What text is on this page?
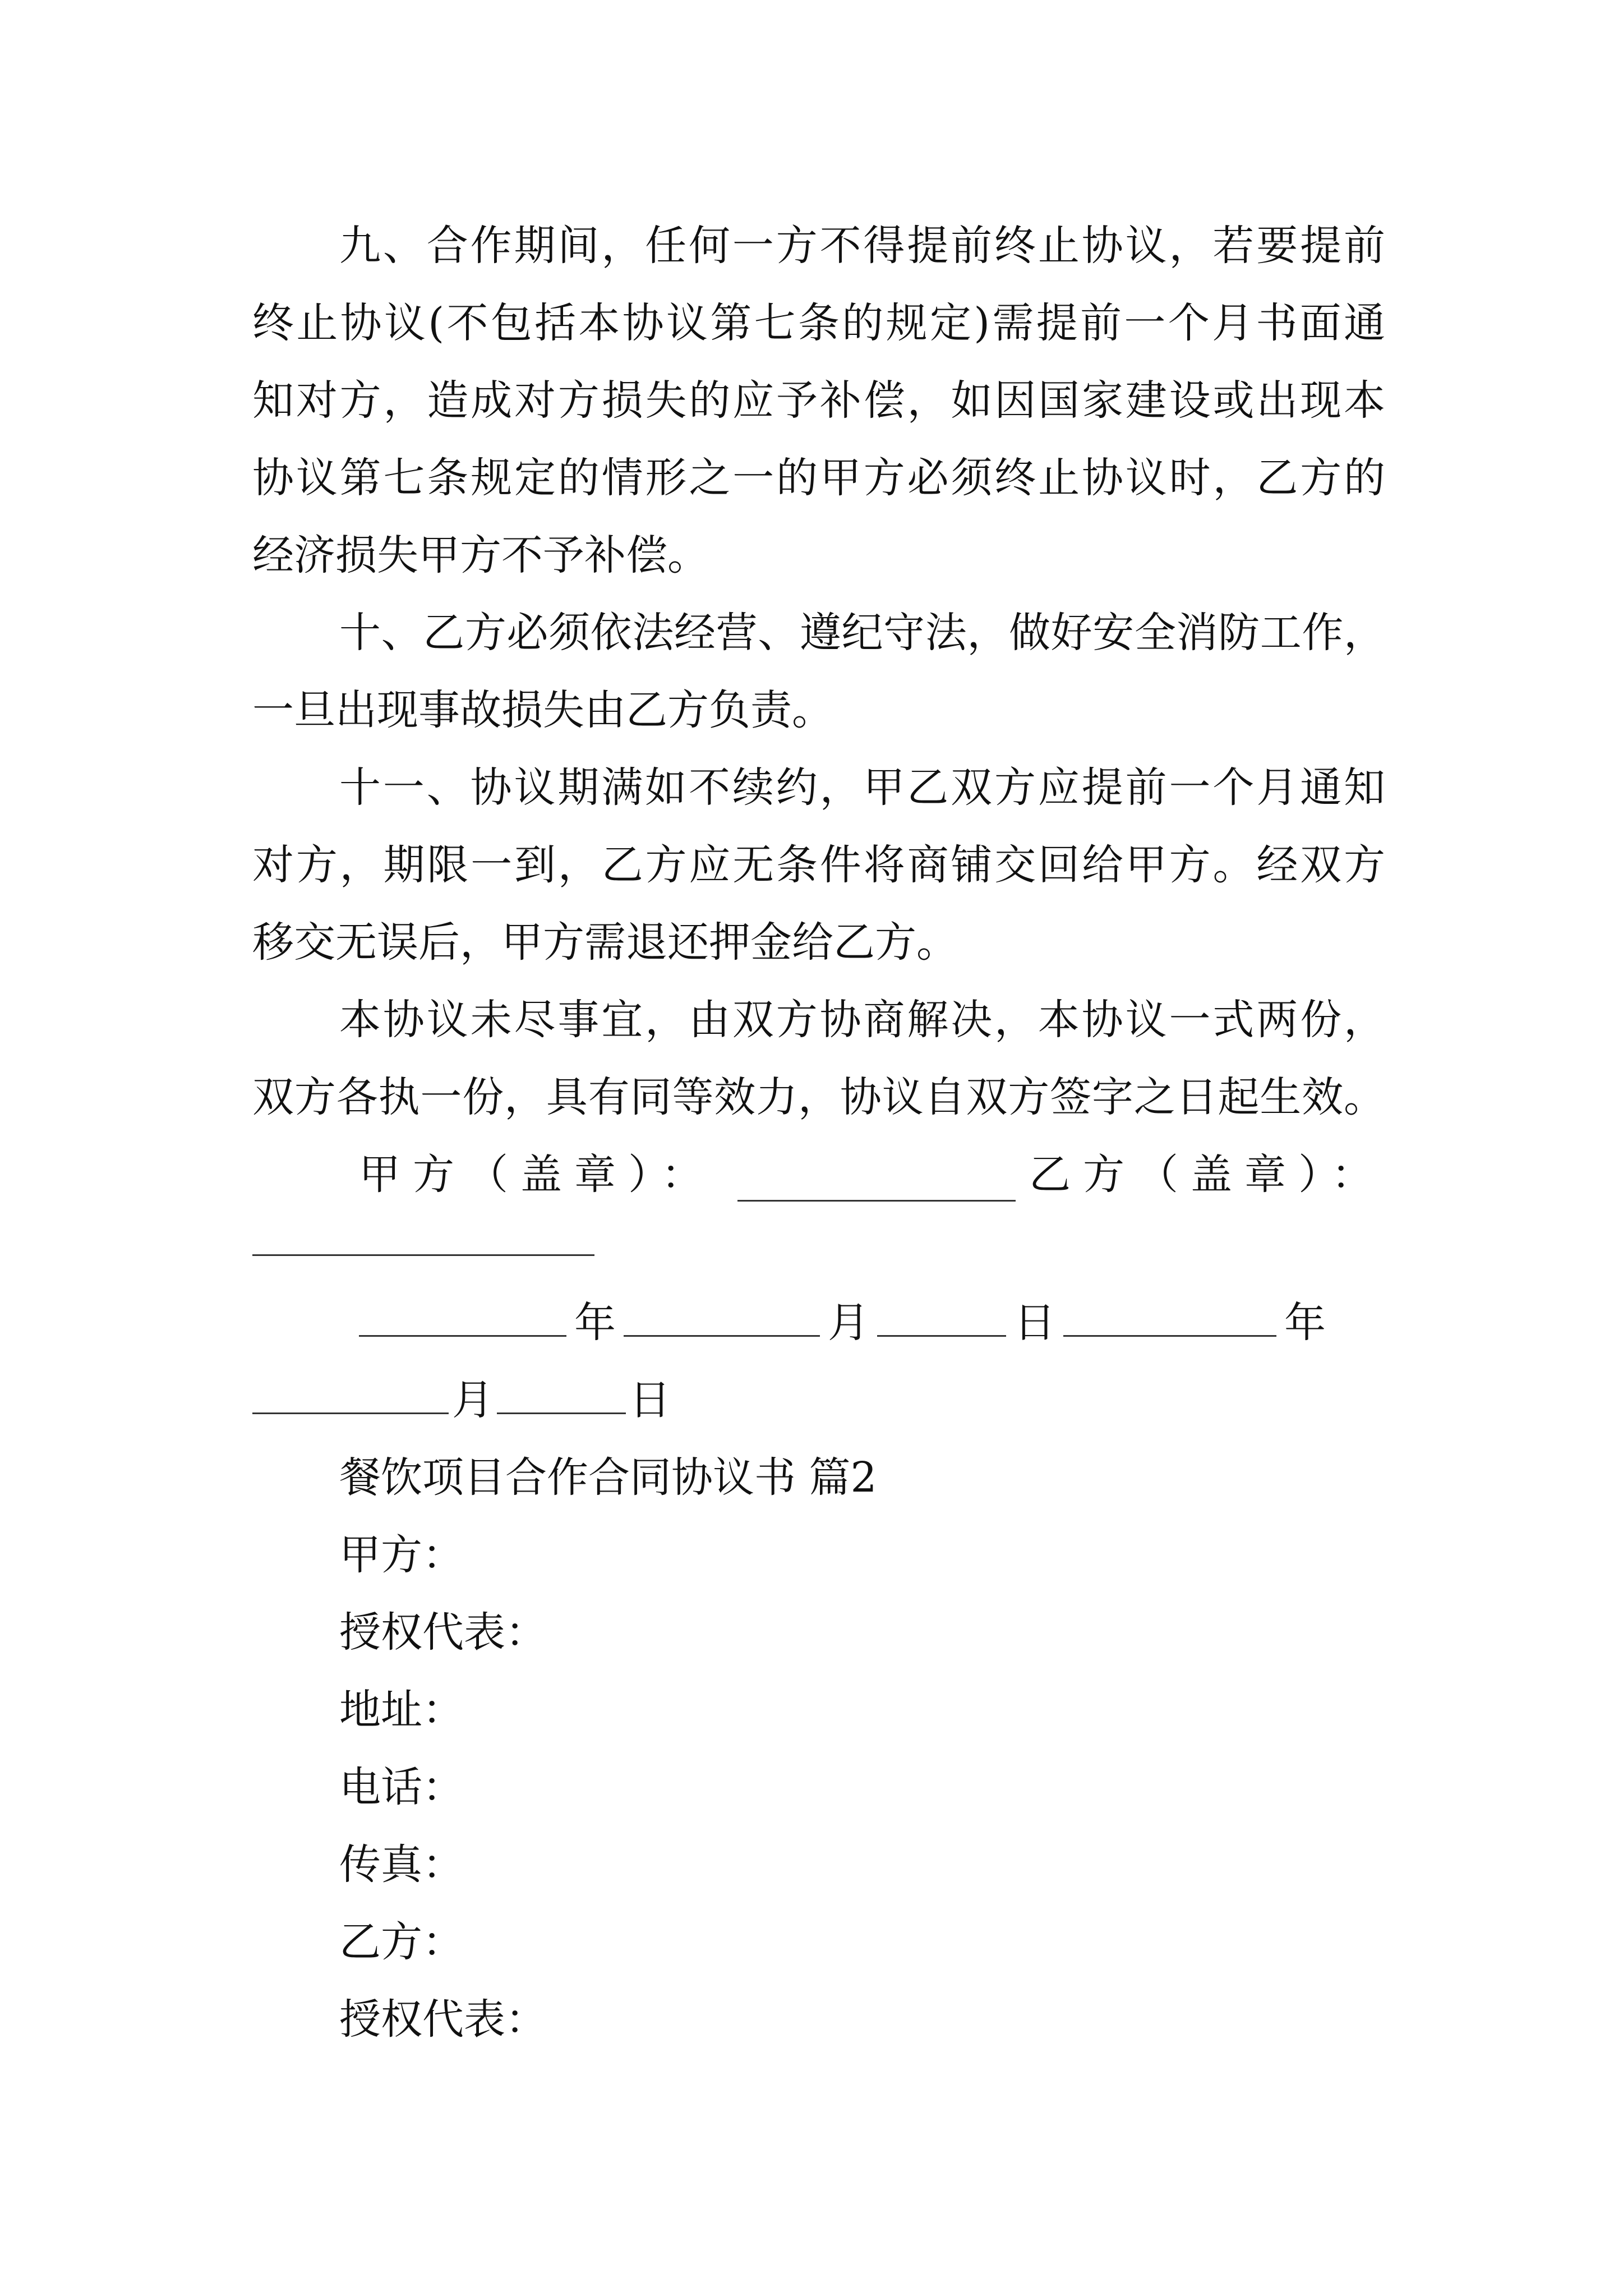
九、合作期间，任何一方不得提前终止协议，若要提前
终止协议(不包括本协议第七条的规定)需提前一个月书面通
知对方，造成对方损失的应予补偿，如因国家建设或出现本
协议第七条规定的情形之一的甲方必须终止协议时，乙方的
经济损失甲方不予补偿。
十、乙方必须依法经营、遵纪守法，做好安全消防工作，
一旦出现事故损失由乙方负责。
十一、协议期满如不续约，甲乙双方应提前一个月通知
对方，期限一到，乙方应无条件将商铺交回给甲方。经双方
移交无误后，甲方需退还押金给乙方。
本协议未尽事宜，由双方协商解决，本协议一式两份，
双方各执一份，具有同等效力，协议自双方签字之日起生效。
甲方（盖章）：	乙方（盖章）：
年	月	日	年
月	日
餐饮项目合作合同协议书 篇2
甲方：
授权代表：
地址：
电话：
传真：
乙方：
授权代表：
